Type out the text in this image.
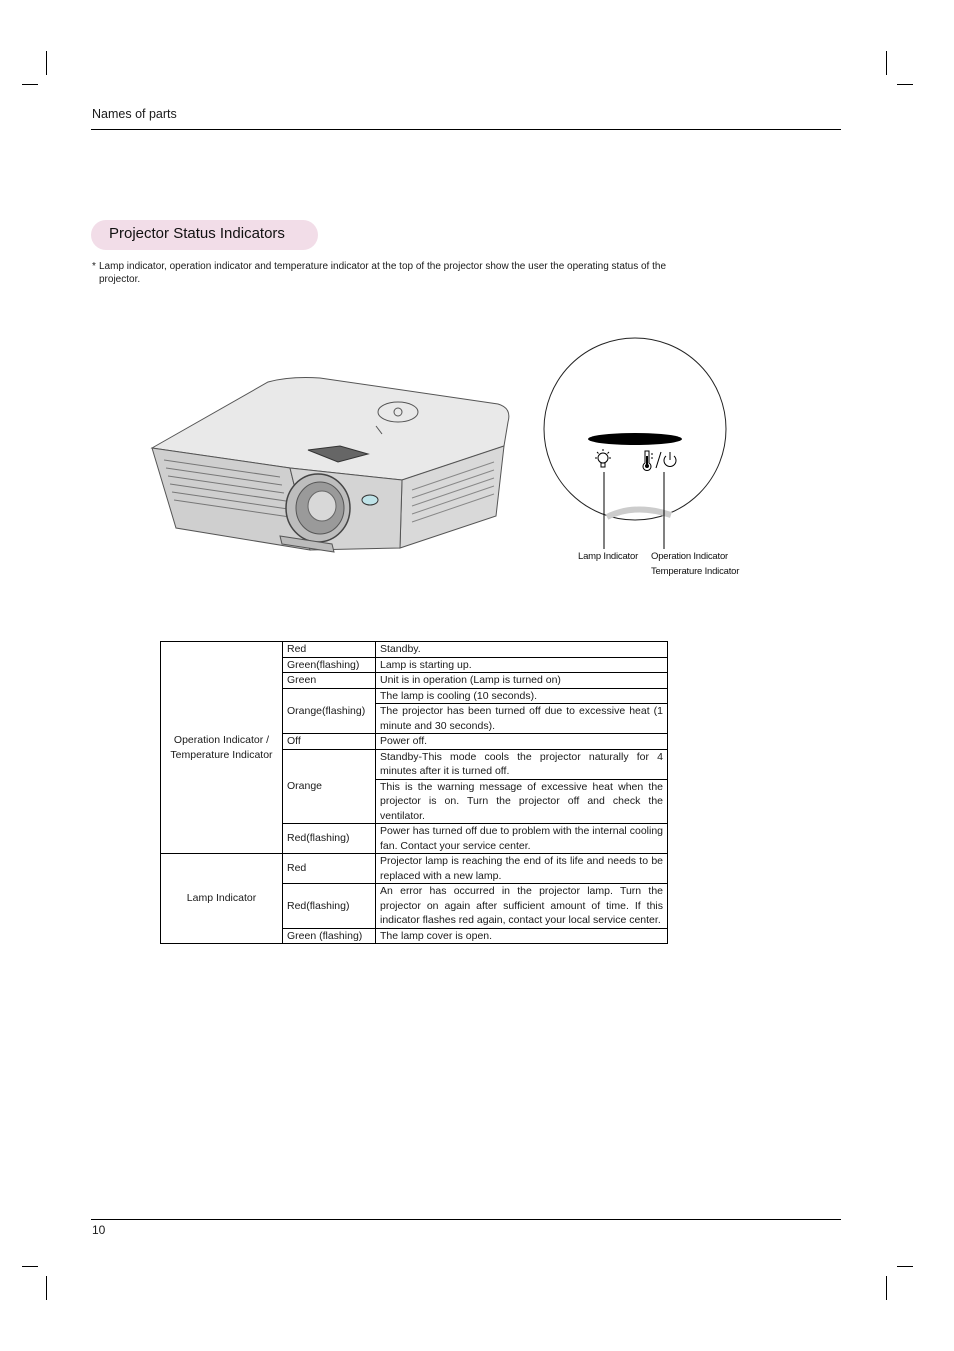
Names of parts
Projector Status Indicators
* Lamp indicator, operation indicator and temperature indicator at the top of the projector show the user the operating status of the projector.
Lamp Indicator Operation Indicator
Temperature Indicator
Operation Indicator / Temperature Indicator	Red	Standby.

	Green(flashing)	Lamp is starting up.

	Green	Unit is in operation (Lamp is turned on)

	Orange(flashing)	The lamp is cooling (10 seconds).
The projector has been turned off due to excessive heat (1 minute and 30 seconds).

	Off	Power off.

	Orange	Standby-This mode cools the projector naturally for 4 minutes after it is turned off.
This is the warning message of excessive heat when the projector is on. Turn the projector off and check the ventilator.

	Red(flashing)	Power has turned off due to problem with the internal cooling fan. Contact your service center.

Lamp Indicator	Red	Projector lamp is reaching the end of its life and needs to be replaced with a new lamp.

	Red(flashing)	An error has occurred in the projector lamp. Turn the projector on again after sufficient amount of time. If this indicator flashes red again, contact your local service center.

	Green (flashing)	The lamp cover is open.
10
